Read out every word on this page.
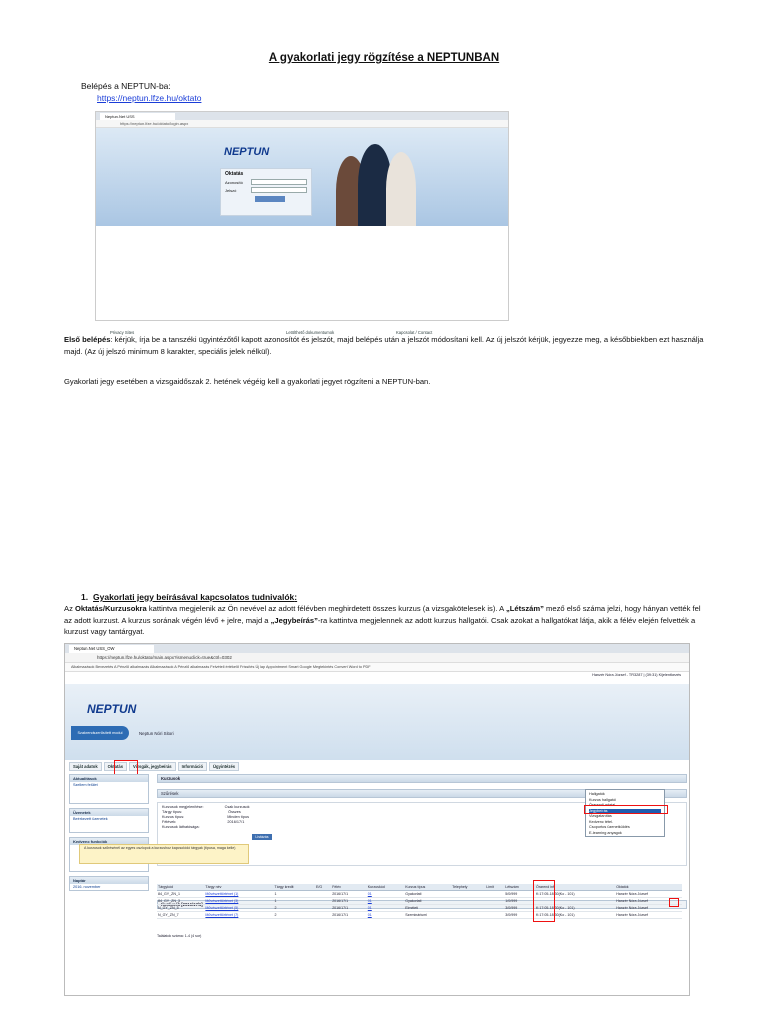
A gyakorlati jegy rögzítése a NEPTUNBAN
Belépés a NEPTUN-ba:
https://neptun.lfze.hu/oktato
Neptun.Net USS
https://neptun.lfze.hu/oktato/login.aspx
NEPTUN
Oktatás
Azonosító
Jelszó
Privacy Sites	Letölthető dokumentumok	Kapcsolat / Contact
Első belépés: kérjük, írja be a tanszéki ügyintézőtől kapott azonosítót és jelszót, majd belépés után a jelszót módosítani kell. Az új jelszót kérjük, jegyezze meg, a későbbiekben ezt használja majd. (Az új jelszó minimum 8 karakter, speciális jelek nélkül).
Gyakorlati jegy esetében a vizsgaidőszak 2. hetének végéig kell a gyakorlati jegyet rögzíteni a NEPTUN-ban.
1. Gyakorlati jegy beírásával kapcsolatos tudnivalók:
Az Oktatás/Kurzusokra kattintva megjelenik az Ön nevével az adott félévben meghirdetett összes kurzus (a vizsgakötelesek is). A „Létszám” mező első száma jelzi, hogy hányan vették fel az adott kurzust. A kurzus sorának végén lévő + jelre, majd a „Jegybeírás”-ra kattintva megjelennek az adott kurzus hallgatói. Csak azokat a hallgatókat látja, akik a félév elején felvették a kurzust vagy tantárgyat.
Neptun.Net USS_OW
https://neptun.lfze.hu/oktato/main.aspx?ismenuclick=true&ctrl=0302
Alkalmazások Bevezetés A Pénzlű alkalmazás Alkalmazások A Pénzlű alkalmazás Felvételi értékelő Frissítés Új lap Appointment Smart Google Megtekintés Convert Word to PDF
Hanzér Nóra József - TR3287 | (39:31) Kijelentkezés
NEPTUN
Szakrendszerűsített modul	Neptun Nóri Sitori
Saját adatok	Oktatás	Vizsgák, jegybeírás	Információ	Ügyintézés
Aktualitások

Szellem felület

Üzenetek

Beérkezett üzenetek

Kedvenc funkciók

Naptár

2016. november

Kurzusok
Szűrések
Kurzusok megjelenítése:	Csak kurzusok
Tárgy típus:	Összes
Kurzus típus:	Minden típus
Félévek:	2016/17/1
Kurzusok láthatósága:
Listázás
Kurzusok [2016/17/1]
Tárgykód	Tárgy név	Tárgy kredit	E/G	Félév	Kurzuskód	Kurzus típus	Telephely	Limit	Létszám	Órarend inf.	Oktatók
84_GY_ZN_1	Művészettörténet (1)	1		2016/17/1	01	Gyakorlati			5/0/999	K:17:05-18:30(Ko - 101)	Hanzér Nóra József
84_GY_ZN_3	Művészettörténet (3)	1		2016/17/1	01	Gyakorlati			1/0/999		Hanzér Nóra József
N_GY_ZN_5	Művészettörténet (5)	2		2016/17/1	01	Elméleti			3/0/999	K:17:05-18:30(Ko - 101)	Hanzér Nóra József
N_GY_ZN_7	Művészettörténet (7)	2		2016/17/1	01	Szemináriumi			3/0/999	K:17:05-18:30(Ko - 101)	Hanzér Nóra József
Találatok száma: 1-4 (4 sor)
Hallgatók
Kurzus hallgatói
Órarendi adatai
Jegybeírás
Vizsgatanítás
Kedvenc tétel.
Csoportos üzenetküldés
E-learning anyagok
A kurzusok szűrésénél az egyes oszlopok a kurzushoz kapcsolódó tárgyak (típusa, maga kelle)
